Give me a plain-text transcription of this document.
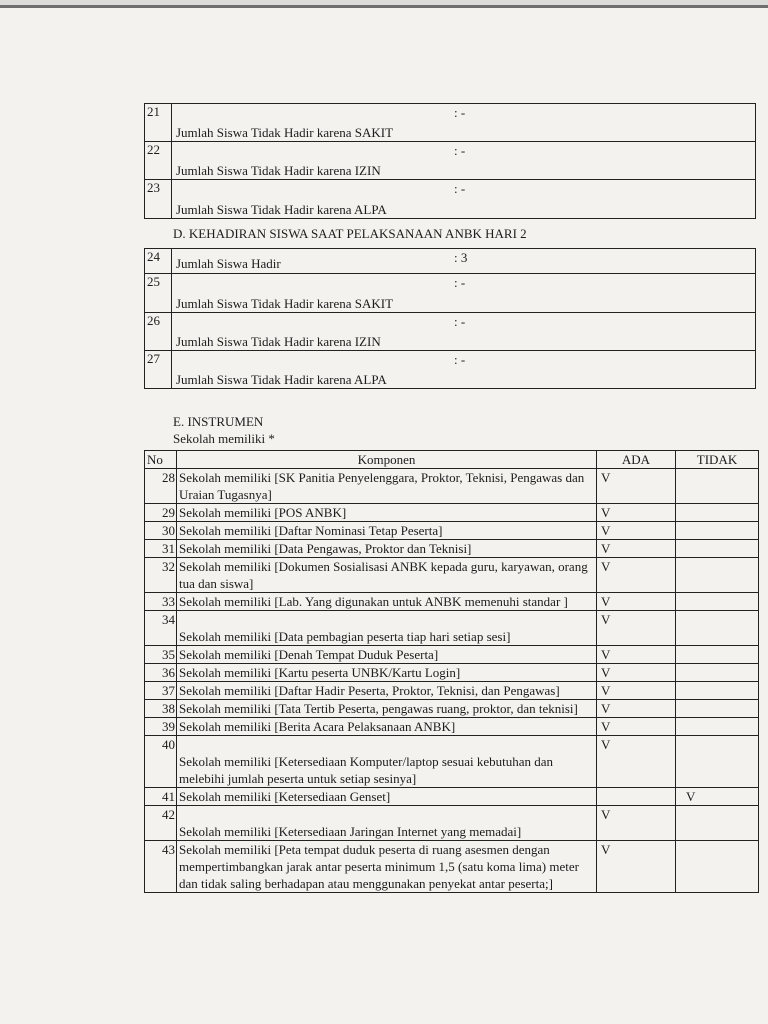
21	Jumlah Siswa Tidak Hadir karena SAKIT
: -

22	Jumlah Siswa Tidak Hadir karena IZIN
: -

23	Jumlah Siswa Tidak Hadir karena ALPA
: -
D. KEHADIRAN SISWA SAAT PELAKSANAAN ANBK HARI 2
24	Jumlah Siswa Hadir : 3

25	Jumlah Siswa Tidak Hadir karena SAKIT
: -

26	Jumlah Siswa Tidak Hadir karena IZIN
: -

27	Jumlah Siswa Tidak Hadir karena ALPA
: -
E. INSTRUMEN
Sekolah memiliki *
No	Komponen	ADA	TIDAK
28	Sekolah memiliki [SK Panitia Penyelenggara, Proktor, Teknisi, Pengawas dan Uraian Tugasnya]	V	
29	Sekolah memiliki [POS ANBK]	V	
30	Sekolah memiliki [Daftar Nominasi Tetap Peserta]	V	
31	Sekolah memiliki [Data Pengawas, Proktor dan Teknisi]	V	
32	Sekolah memiliki [Dokumen Sosialisasi ANBK kepada guru, karyawan, orang tua dan siswa]	V	
33	Sekolah memiliki [Lab. Yang digunakan untuk ANBK memenuhi standar ]	V	
34	Sekolah memiliki [Data pembagian peserta tiap hari setiap sesi]	V	
35	Sekolah memiliki [Denah Tempat Duduk Peserta]	V	
36	Sekolah memiliki [Kartu peserta UNBK/Kartu Login]	V	
37	Sekolah memiliki [Daftar Hadir Peserta, Proktor, Teknisi, dan Pengawas]	V	
38	Sekolah memiliki [Tata Tertib Peserta, pengawas ruang, proktor, dan teknisi]	V	
39	Sekolah memiliki [Berita Acara Pelaksanaan ANBK]	V	
40	Sekolah memiliki [Ketersediaan Komputer/laptop sesuai kebutuhan dan melebihi jumlah peserta untuk setiap sesinya]	V	
41	Sekolah memiliki [Ketersediaan Genset]		V
42	Sekolah memiliki [Ketersediaan Jaringan Internet yang memadai]	V	
43	Sekolah memiliki [Peta tempat duduk peserta di ruang asesmen dengan mempertimbangkan jarak antar peserta minimum 1,5 (satu koma lima) meter dan tidak saling berhadapan atau menggunakan penyekat antar peserta;]	V	
